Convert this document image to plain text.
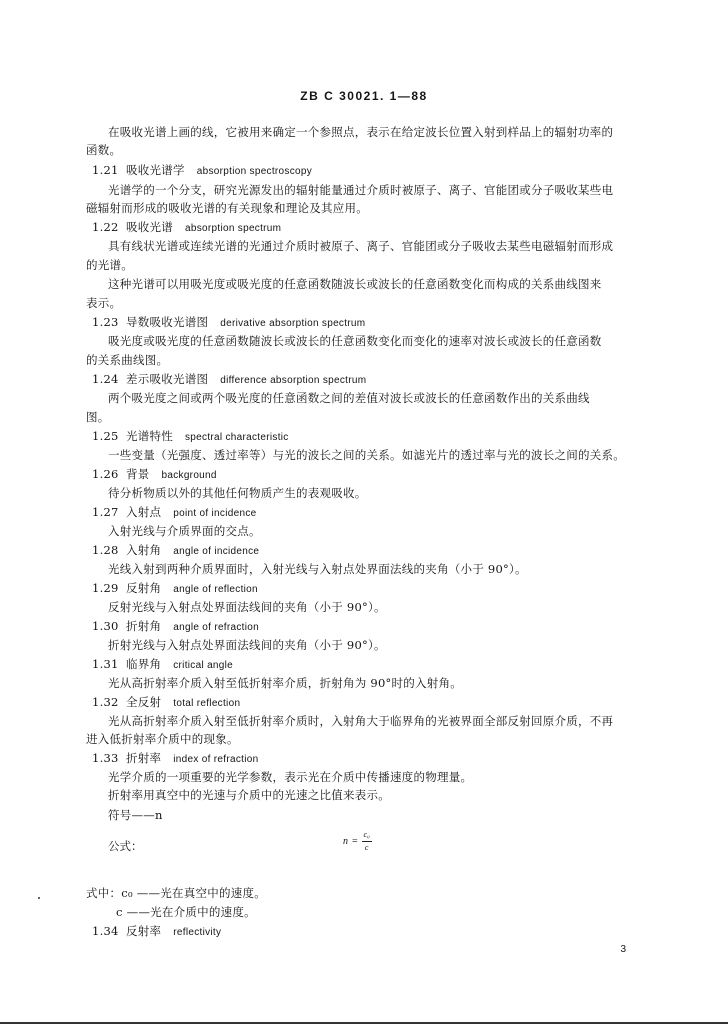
ZB C 30021. 1—88
在吸收光谱上画的线，它被用来确定一个参照点，表示在给定波长位置入射到样品上的辐射功率的
函数。
1.21 吸收光谱学 absorption spectroscopy
光谱学的一个分支，研究光源发出的辐射能量通过介质时被原子、离子、官能团或分子吸收某些电
磁辐射而形成的吸收光谱的有关现象和理论及其应用。
1.22 吸收光谱 absorption spectrum
具有线状光谱或连续光谱的光通过介质时被原子、离子、官能团或分子吸收去某些电磁辐射而形成
的光谱。
这种光谱可以用吸光度或吸光度的任意函数随波长或波长的任意函数变化而构成的关系曲线图来
表示。
1.23 导数吸收光谱图 derivative absorption spectrum
吸光度或吸光度的任意函数随波长或波长的任意函数变化而变化的速率对波长或波长的任意函数
的关系曲线图。
1.24 差示吸收光谱图 difference absorption spectrum
两个吸光度之间或两个吸光度的任意函数之间的差值对波长或波长的任意函数作出的关系曲线
图。
1.25 光谱特性 spectral characteristic
一些变量（光强度、透过率等）与光的波长之间的关系。如滤光片的透过率与光的波长之间的关系。
1.26 背景 background
待分析物质以外的其他任何物质产生的表观吸收。
1.27 入射点 point of incidence
入射光线与介质界面的交点。
1.28 入射角 angle of incidence
光线入射到两种介质界面时，入射光线与入射点处界面法线的夹角（小于 90°）。
1.29 反射角 angle of reflection
反射光线与入射点处界面法线间的夹角（小于 90°）。
1.30 折射角 angle of refraction
折射光线与入射点处界面法线间的夹角（小于 90°）。
1.31 临界角 critical angle
光从高折射率介质入射至低折射率介质，折射角为 90°时的入射角。
1.32 全反射 total reflection
光从高折射率介质入射至低折射率介质时，入射角大于临界角的光被界面全部反射回原介质，不再
进入低折射率介质中的现象。
1.33 折射率 index of refraction
光学介质的一项重要的光学参数，表示光在介质中传播速度的物理量。
折射率用真空中的光速与介质中的光速之比值来表示。
符号——n
式中：c₀ ——光在真空中的速度。
c ——光在介质中的速度。
1.34 反射率 reflectivity
公式：	$n = \frac{\text{c₀}}{c}$
3
